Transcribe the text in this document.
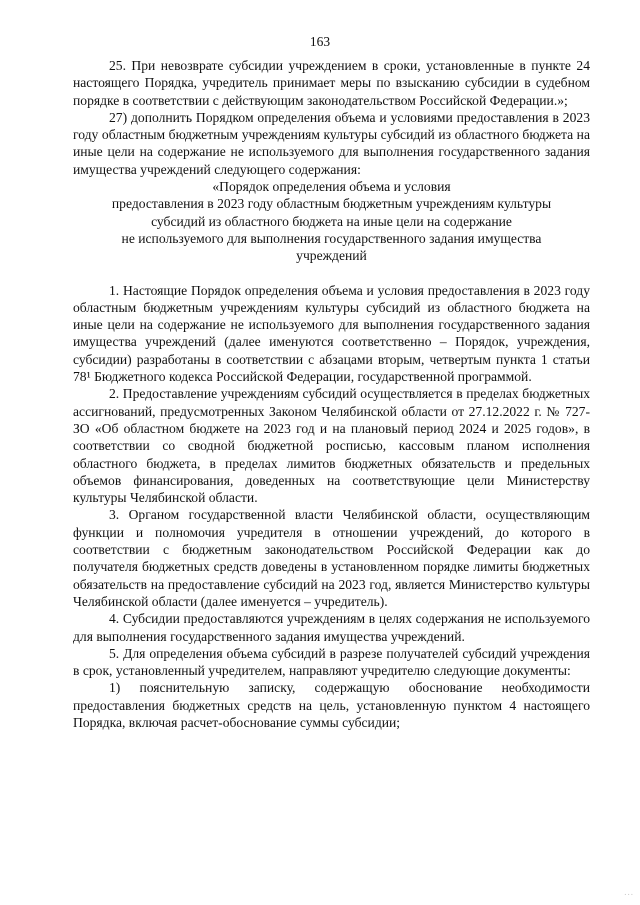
163

25. При невозврате субсидии учреждением в сроки, установленные в пункте 24 настоящего Порядка, учредитель принимает меры по взысканию субсидии в судебном порядке в соответствии с действующим законодательством Российской Федерации.»;

27) дополнить Порядком определения объема и условиями предоставления в 2023 году областным бюджетным учреждениям культуры субсидий из областного бюджета на иные цели на содержание не используемого для выполнения государственного задания имущества учреждений следующего содержания:

«Порядок определения объема и условия

предоставления в 2023 году областным бюджетным учреждениям культуры

субсидий из областного бюджета на иные цели на содержание

не используемого для выполнения государственного задания имущества

учреждений

1. Настоящие Порядок определения объема и условия предоставления в 2023 году областным бюджетным учреждениям культуры субсидий из областного бюджета на иные цели на содержание не используемого для выполнения государственного задания имущества учреждений (далее именуются соответственно – Порядок, учреждения, субсидии) разработаны в соответствии с абзацами вторым, четвертым пункта 1 статьи 78¹ Бюджетного кодекса Российской Федерации, государственной программой.

2. Предоставление учреждениям субсидий осуществляется в пределах бюджетных ассигнований, предусмотренных Законом Челябинской области от 27.12.2022 г. № 727-ЗО «Об областном бюджете на 2023 год и на плановый период 2024 и 2025 годов», в соответствии со сводной бюджетной росписью, кассовым планом исполнения областного бюджета, в пределах лимитов бюджетных обязательств и предельных объемов финансирования, доведенных на соответствующие цели Министерству культуры Челябинской области.

3. Органом государственной власти Челябинской области, осуществляющим функции и полномочия учредителя в отношении учреждений, до которого в соответствии с бюджетным законодательством Российской Федерации как до получателя бюджетных средств доведены в установленном порядке лимиты бюджетных обязательств на предоставление субсидий на 2023 год, является Министерство культуры Челябинской области (далее именуется – учредитель).

4. Субсидии предоставляются учреждениям в целях содержания не используемого для выполнения государственного задания имущества учреждений.

5. Для определения объема субсидий в разрезе получателей субсидий учреждения в срок, установленный учредителем, направляют учредителю следующие документы:

1) пояснительную записку, содержащую обоснование необходимости предоставления бюджетных средств на цель, установленную пунктом 4 настоящего Порядка, включая расчет-обоснование суммы субсидии;

...
